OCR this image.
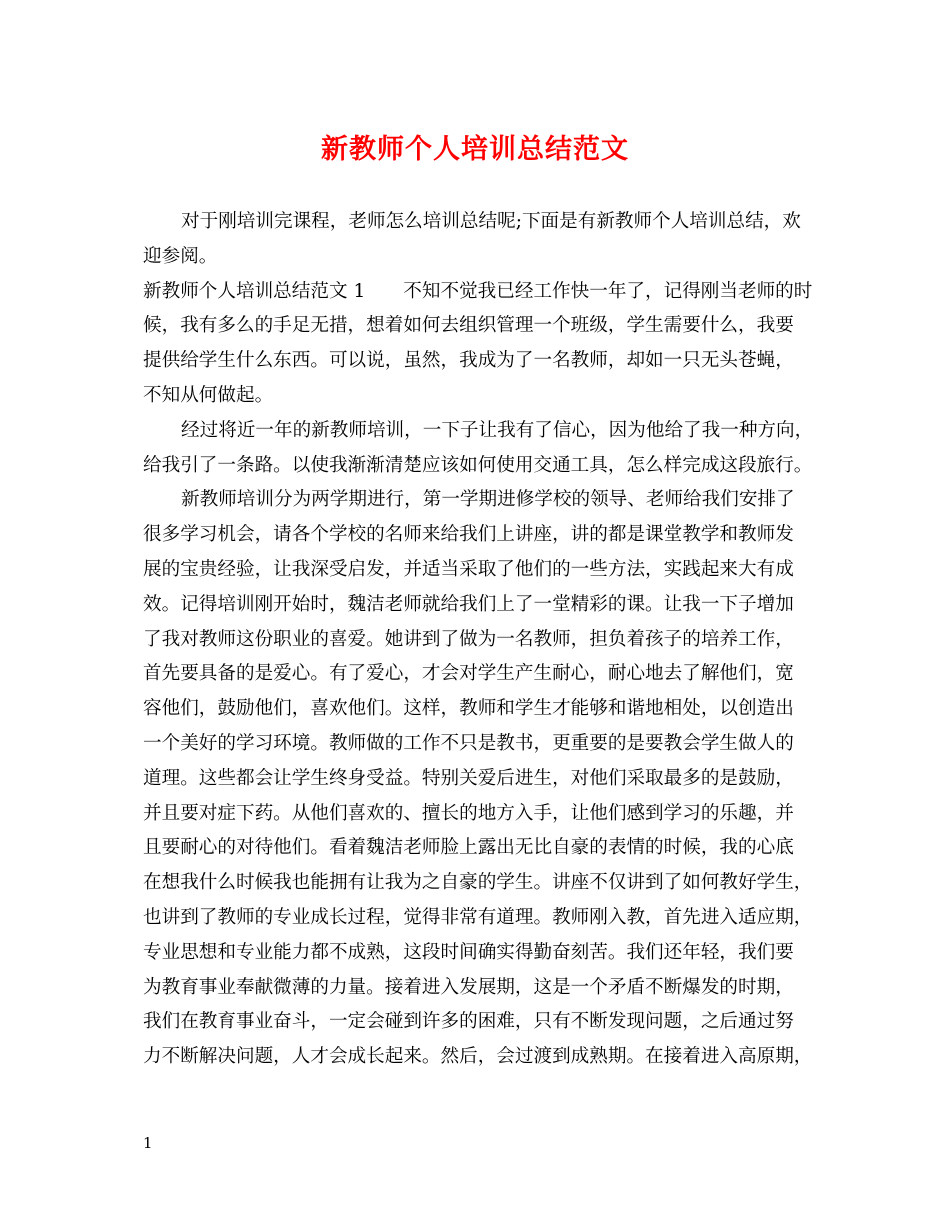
新教师个人培训总结范文
对于刚培训完课程，老师怎么培训总结呢;下面是有新教师个人培训总结，欢
迎参阅。
新教师个人培训总结范文 1 不知不觉我已经工作快一年了，记得刚当老师的时
候，我有多么的手足无措，想着如何去组织管理一个班级，学生需要什么，我要
提供给学生什么东西。可以说，虽然，我成为了一名教师，却如一只无头苍蝇，
不知从何做起。
经过将近一年的新教师培训，一下子让我有了信心，因为他给了我一种方向，
给我引了一条路。以使我渐渐清楚应该如何使用交通工具，怎么样完成这段旅行。
新教师培训分为两学期进行，第一学期进修学校的领导、老师给我们安排了
很多学习机会，请各个学校的名师来给我们上讲座，讲的都是课堂教学和教师发
展的宝贵经验，让我深受启发，并适当采取了他们的一些方法，实践起来大有成
效。记得培训刚开始时，魏洁老师就给我们上了一堂精彩的课。让我一下子增加
了我对教师这份职业的喜爱。她讲到了做为一名教师，担负着孩子的培养工作，
首先要具备的是爱心。有了爱心，才会对学生产生耐心，耐心地去了解他们，宽
容他们，鼓励他们，喜欢他们。这样，教师和学生才能够和谐地相处，以创造出
一个美好的学习环境。教师做的工作不只是教书，更重要的是要教会学生做人的
道理。这些都会让学生终身受益。特别关爱后进生，对他们采取最多的是鼓励，
并且要对症下药。从他们喜欢的、擅长的地方入手，让他们感到学习的乐趣，并
且要耐心的对待他们。看着魏洁老师脸上露出无比自豪的表情的时候，我的心底
在想我什么时候我也能拥有让我为之自豪的学生。讲座不仅讲到了如何教好学生，
也讲到了教师的专业成长过程，觉得非常有道理。教师刚入教，首先进入适应期，
专业思想和专业能力都不成熟，这段时间确实得勤奋刻苦。我们还年轻，我们要
为教育事业奉献微薄的力量。接着进入发展期，这是一个矛盾不断爆发的时期，
我们在教育事业奋斗，一定会碰到许多的困难，只有不断发现问题，之后通过努
力不断解决问题，人才会成长起来。然后，会过渡到成熟期。在接着进入高原期，
1
